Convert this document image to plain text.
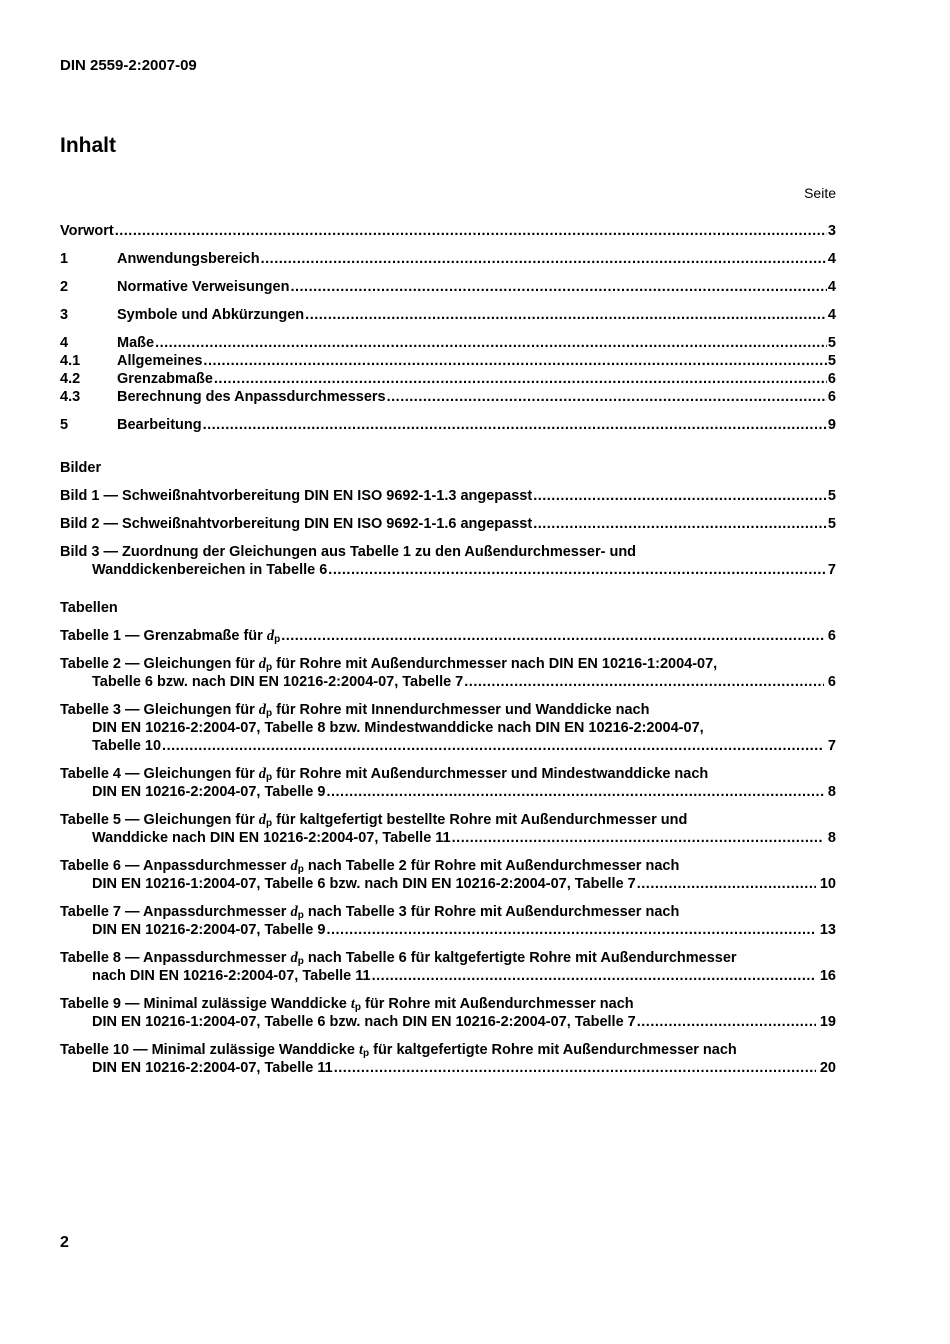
DIN 2559-2:2007-09
Inhalt
Seite
Vorwort .....	3
1	Anwendungsbereich .....	4
2	Normative Verweisungen .....	4
3	Symbole und Abkürzungen .....	4
4	Maße .....	5
4.1	Allgemeines .....	5
4.2	Grenzabmaße .....	6
4.3	Berechnung des Anpassdurchmessers .....	6
5	Bearbeitung .....	9
Bilder
Bild 1 — Schweißnahtvorbereitung DIN EN ISO 9692-1-1.3 angepasst .....	5
Bild 2 — Schweißnahtvorbereitung DIN EN ISO 9692-1-1.6 angepasst .....	5
Bild 3 — Zuordnung der Gleichungen aus Tabelle 1 zu den Außendurchmesser- und
Wanddickenbereichen in Tabelle 6 .....	7
Tabellen
Tabelle 1 — Grenzabmaße für $d_p$ .....	6
Tabelle 2 — Gleichungen für $d_p$ für Rohre mit Außendurchmesser nach DIN EN 10216-1:2004-07,
Tabelle 6 bzw. nach DIN EN 10216-2:2004-07, Tabelle 7 .....	6
Tabelle 3 — Gleichungen für $d_p$ für Rohre mit Innendurchmesser und Wanddicke nach
DIN EN 10216-2:2004-07, Tabelle 8 bzw. Mindestwanddicke nach DIN EN 10216-2:2004-07,
Tabelle 10 .....	7
Tabelle 4 — Gleichungen für $d_p$ für Rohre mit Außendurchmesser und Mindestwanddicke nach
DIN EN 10216-2:2004-07, Tabelle 9 .....	8
Tabelle 5 — Gleichungen für $d_p$ für kaltgefertigt bestellte Rohre mit Außendurchmesser und
Wanddicke nach DIN EN 10216-2:2004-07, Tabelle 11 .....	8
Tabelle 6 — Anpassdurchmesser $d_p$ nach Tabelle 2 für Rohre mit Außendurchmesser nach
DIN EN 10216-1:2004-07, Tabelle 6 bzw. nach DIN EN 10216-2:2004-07, Tabelle 7 .....	10
Tabelle 7 — Anpassdurchmesser $d_p$ nach Tabelle 3 für Rohre mit Außendurchmesser nach
DIN EN 10216-2:2004-07, Tabelle 9 .....	13
Tabelle 8 — Anpassdurchmesser $d_p$ nach Tabelle 6 für kaltgefertigte Rohre mit Außendurchmesser
nach DIN EN 10216-2:2004-07, Tabelle 11 .....	16
Tabelle 9 — Minimal zulässige Wanddicke $t_p$ für Rohre mit Außendurchmesser nach
DIN EN 10216-1:2004-07, Tabelle 6 bzw. nach DIN EN 10216-2:2004-07, Tabelle 7 .....	19
Tabelle 10 — Minimal zulässige Wanddicke $t_p$ für kaltgefertigte Rohre mit Außendurchmesser nach
DIN EN 10216-2:2004-07, Tabelle 11 .....	20
2
